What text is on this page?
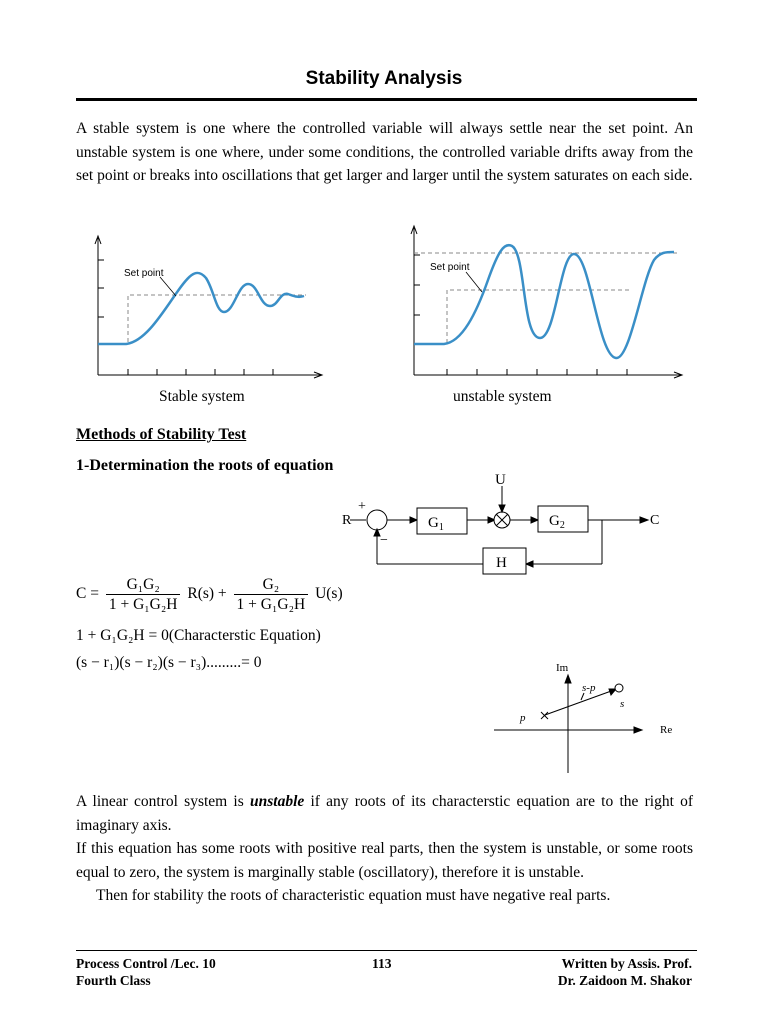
Stability Analysis

A stable system is one where the controlled variable will always settle near the set point. An unstable system is one where, under some conditions, the controlled variable drifts away from the set point or breaks into oscillations that get larger and larger until the system saturates on each side.

Set point
Set point
Stable system	unstable system
Methods of Stability Test
1-Determination the roots of equation
R
+
−
U
$G_1$	$G_2$
H
C
$C = \frac{\text{G₁G₂}}{\text{1 + G₁G₂H}} R(s) + \frac{\text{G₂}}{\text{1 + G₁G₂H}} U(s)$
1 + G₁G₂H = 0(Characterstic Equation)
(s − r₁)(s − r₂)(s − r₃).........= 0	Im
Re
p
s
s-p

A linear control system is unstable if any roots of its characterstic equation are to the right of imaginary axis.

If this equation has some roots with positive real parts, then the system is unstable, or some roots equal to zero, the system is marginally stable (oscillatory), therefore it is unstable.

Then for stability the roots of characteristic equation must have negative real parts.

Process Control /Lec. 10
Fourth Class
113	Written by Assis. Prof.
Dr. Zaidoon M. Shakor
